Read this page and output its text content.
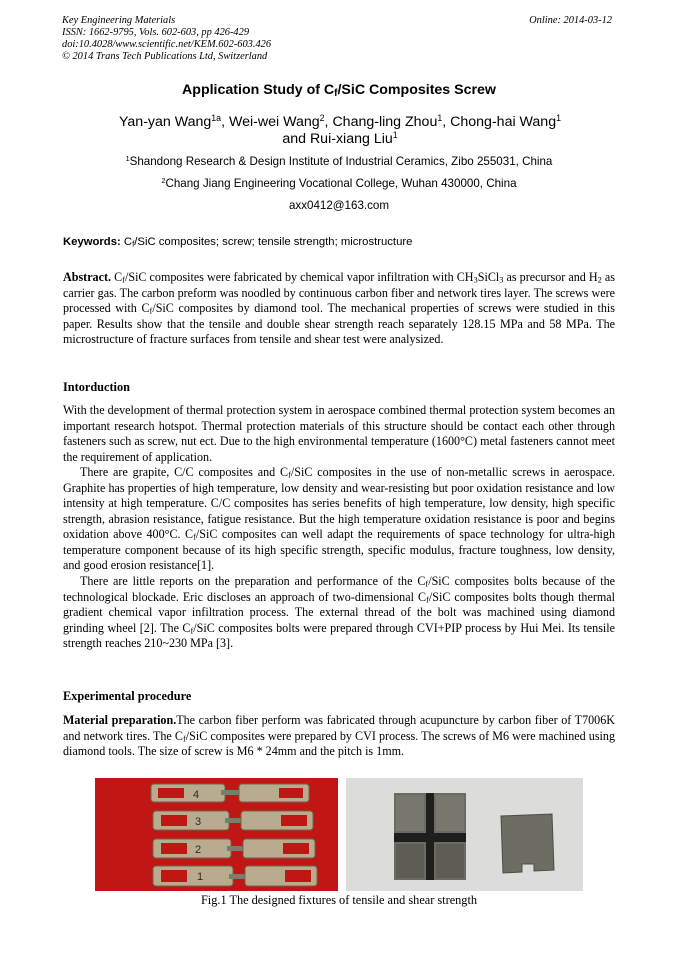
Key Engineering Materials
ISSN: 1662-9795, Vols. 602-603, pp 426-429
doi:10.4028/www.scientific.net/KEM.602-603.426
© 2014 Trans Tech Publications Ltd, Switzerland
Online: 2014-03-12
Application Study of $C_f$/SiC Composites Screw
Yan-yan Wang$^{1a}$, Wei-wei Wang$^2$, Chang-ling Zhou$^1$, Chong-hai Wang$^1$
and Rui-xiang Liu$^1$
$^1$Shandong Research & Design Institute of Industrial Ceramics, Zibo 255031, China
$^2$Chang Jiang Engineering Vocational College, Wuhan 430000, China
axx0412@163.com
Keywords: $C_f$/SiC composites; screw; tensile strength; microstructure

Abstract. $C_f$/SiC composites were fabricated by chemical vapor infiltration with $CH_3SiCl_3$ as precursor and $H_2$ as carrier gas. The carbon preform was noodled by continuous carbon fiber and network tires layer. The screws were processed with $C_f$/SiC composites by diamond tool. The mechanical properties of screws were studied in this paper. Results show that the tensile and double shear strength reach separately 128.15 MPa and 58 MPa. The microstructure of fracture surfaces from tensile and shear test were analysized.

Intorduction

With the development of thermal protection system in aerospace combined thermal protection system becomes an important research hotspot. Thermal protection materials of this structure should be contact each other through fasteners such as screw, nut ect. Due to the high environmental temperature (1600°C) metal fasteners cannot meet the requirement of application.

There are grapite, C/C composites and $C_f$/SiC composites in the use of non-metallic screws in aerospace. Graphite has properties of high temperature, low density and wear-resisting but poor oxidation resistance and low intensity at high temperature. C/C composites has series benefits of high temperature, low density, high specific strength, abrasion resistance, fatigue resistance. But the high temperature oxidation resistance is poor and begins oxidation above 400°C. $C_f$/SiC composites can well adapt the requirements of space technology for ultra-high temperature component because of its high specific strength, specific modulus, fracture toughness, low density, and good erosion resistance[1].

There are little reports on the preparation and performance of the $C_f$/SiC composites bolts because of the technological blockade. Eric discloses an approach of two-dimensional $C_f$/SiC composites bolts though thermal gradient chemical vapor infiltration process. The external thread of the bolt was machined using diamond grinding wheel [2]. The $C_f$/SiC composites bolts were prepared through CVI+PIP process by Hui Mei. Its tensile strength reaches 210~230 MPa [3].

Experimental procedure

Material preparation.The carbon fiber perform was fabricated through acupuncture by carbon fiber of T7006K and network tires. The $C_f$/SiC composites were prepared by CVI process. The screws of M6 were machined using diamond tools. The size of screw is M6 * 24mm and the pitch is 1mm.

4
3
2
1
Fig.1 The designed fixtures of tensile and shear strength
